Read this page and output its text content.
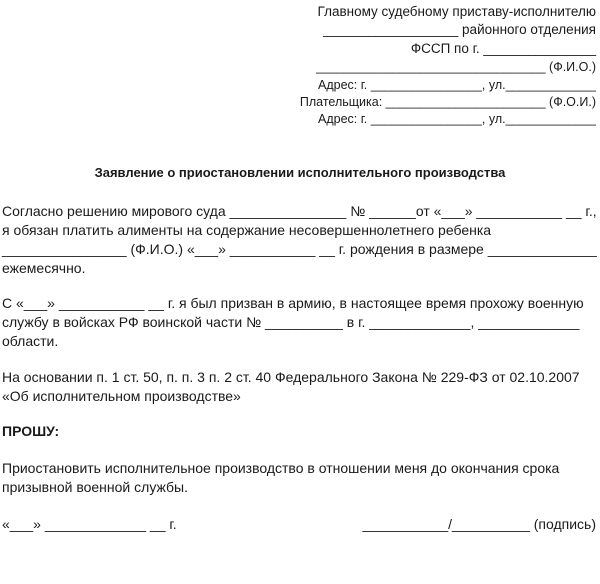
Главному судебному приставу-исполнителю
__________________ районного отделения
ФССП по г. _______________
_________________________________ (Ф.И.О.)
Адрес: г. ________________, ул._____________
Плательщика: _______________________ (Ф.О.И.)
Адрес: г. ________________, ул._____________
Заявление о приостановлении исполнительного производства
Согласно решению мирового суда _______________ № ______от «___» ___________ __ г.,
я обязан платить алименты на содержание несовершеннолетнего ребенка
________________ (Ф.И.О.) «___» ___________ __ г. рождения в размере ______________
ежемесячно.
С «___» ___________ __ г. я был призван в армию, в настоящее время прохожу военную
службу в войсках РФ воинской части № __________ в г. _____________, _____________
области.
На основании п. 1 ст. 50, п. п. 3 п. 2 ст. 40 Федерального Закона № 229-ФЗ от 02.10.2007
«Об исполнительном производстве»
ПРОШУ:
Приостановить исполнительное производство в отношении меня до окончания срока
призывной военной службы.
«___» _____________ __ г.	___________/__________ (подпись)
